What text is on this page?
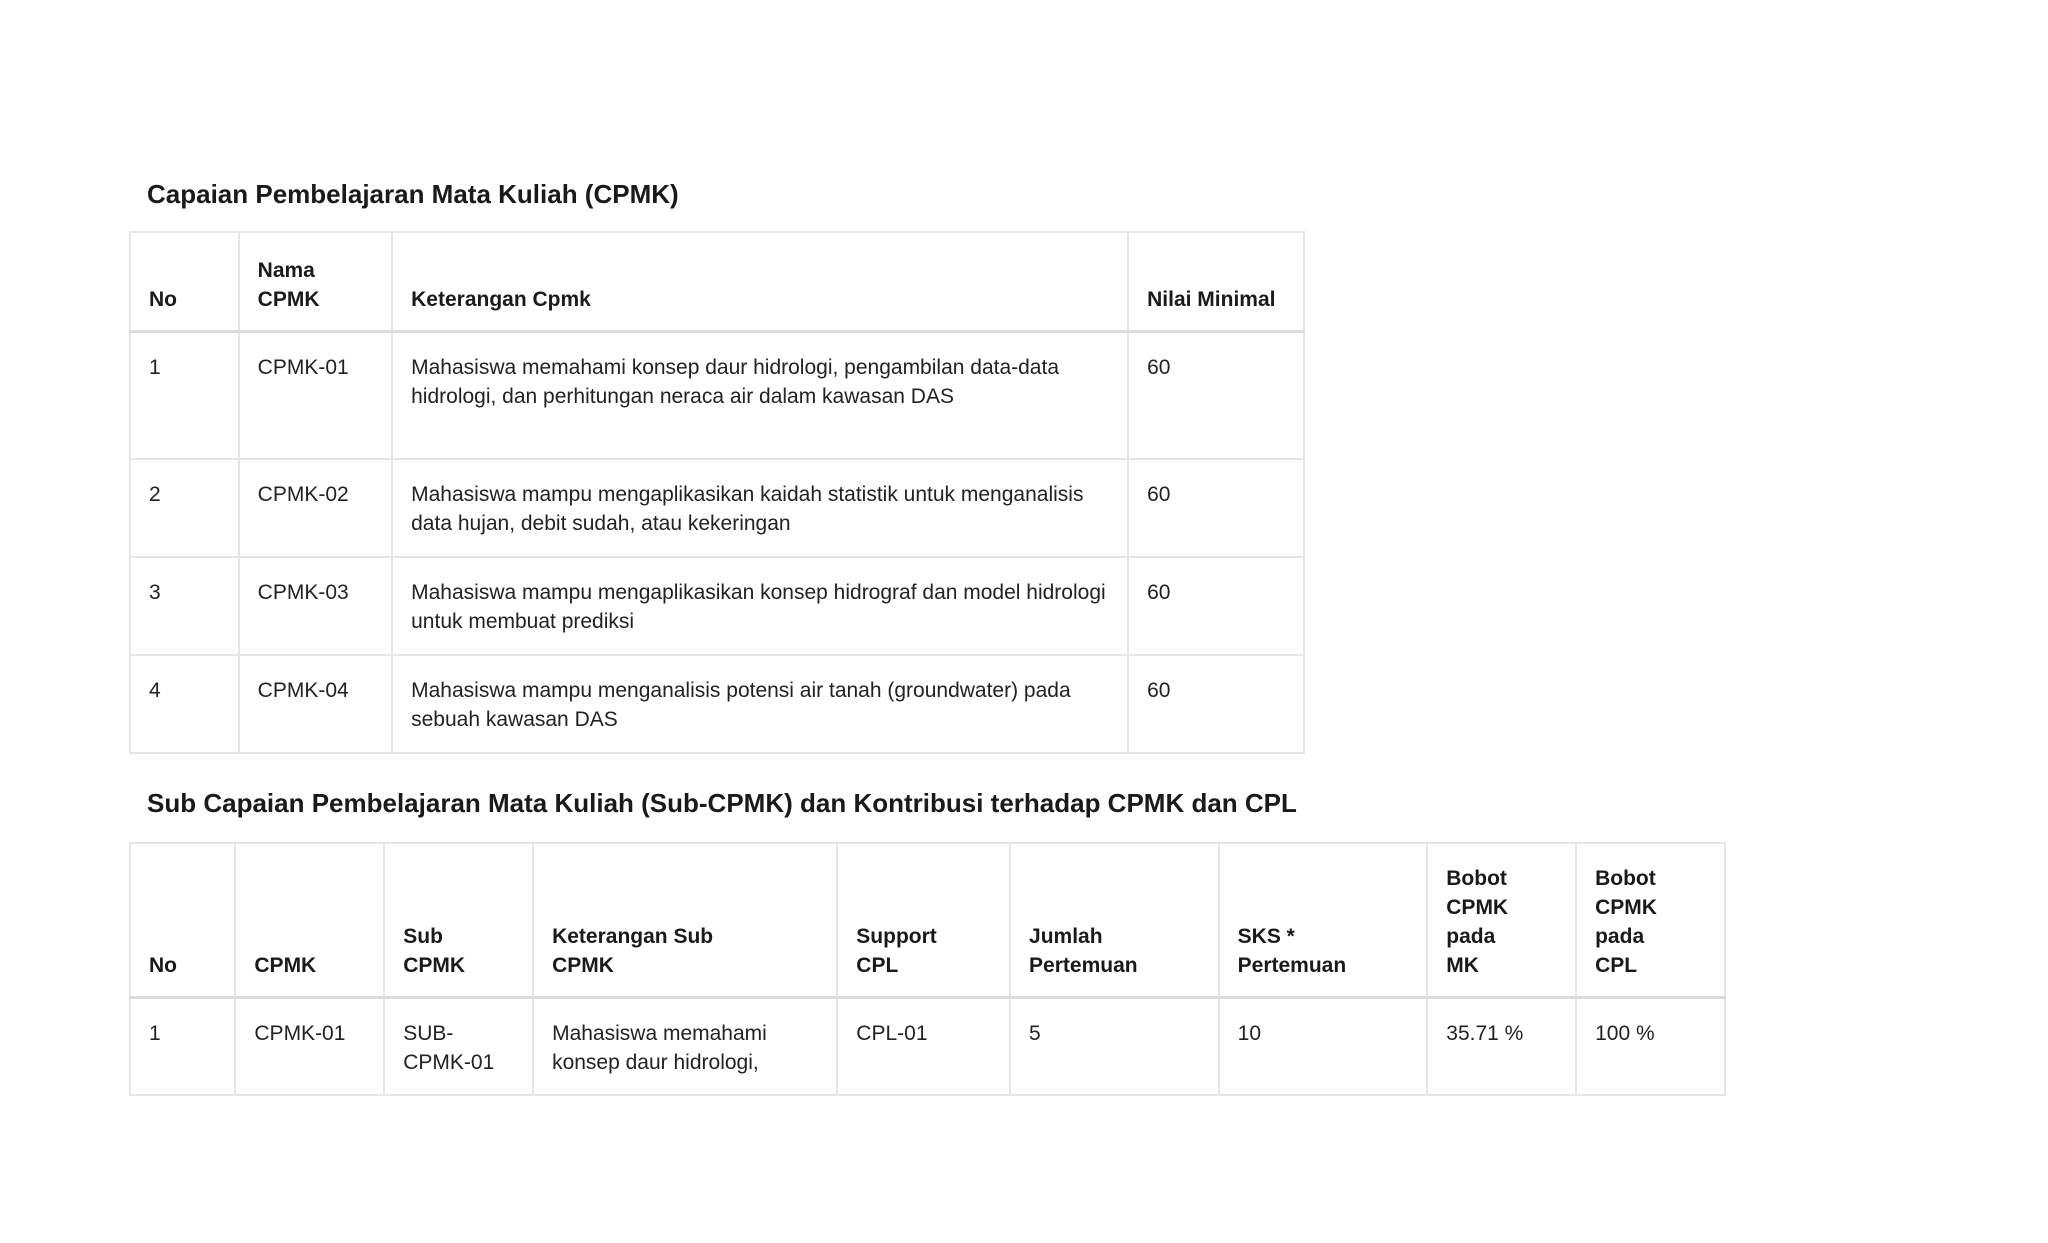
Capaian Pembelajaran Mata Kuliah (CPMK)
No	Nama CPMK	Keterangan Cpmk	Nilai Minimal
1	CPMK-01	Mahasiswa memahami konsep daur hidrologi, pengambilan data-data hidrologi, dan perhitungan neraca air dalam kawasan DAS	60
2	CPMK-02	Mahasiswa mampu mengaplikasikan kaidah statistik untuk menganalisis data hujan, debit sudah, atau kekeringan	60
3	CPMK-03	Mahasiswa mampu mengaplikasikan konsep hidrograf dan model hidrologi untuk membuat prediksi	60
4	CPMK-04	Mahasiswa mampu menganalisis potensi air tanah (groundwater) pada sebuah kawasan DAS	60
Sub Capaian Pembelajaran Mata Kuliah (Sub-CPMK) dan Kontribusi terhadap CPMK dan CPL
No	CPMK	Sub CPMK	Keterangan Sub CPMK	Support CPL	Jumlah Pertemuan	SKS * Pertemuan	Bobot CPMK pada MK	Bobot CPMK pada CPL
1	CPMK-01	SUB-CPMK-01	Mahasiswa memahami konsep daur hidrologi,	CPL-01	5	10	35.71 %	100 %
